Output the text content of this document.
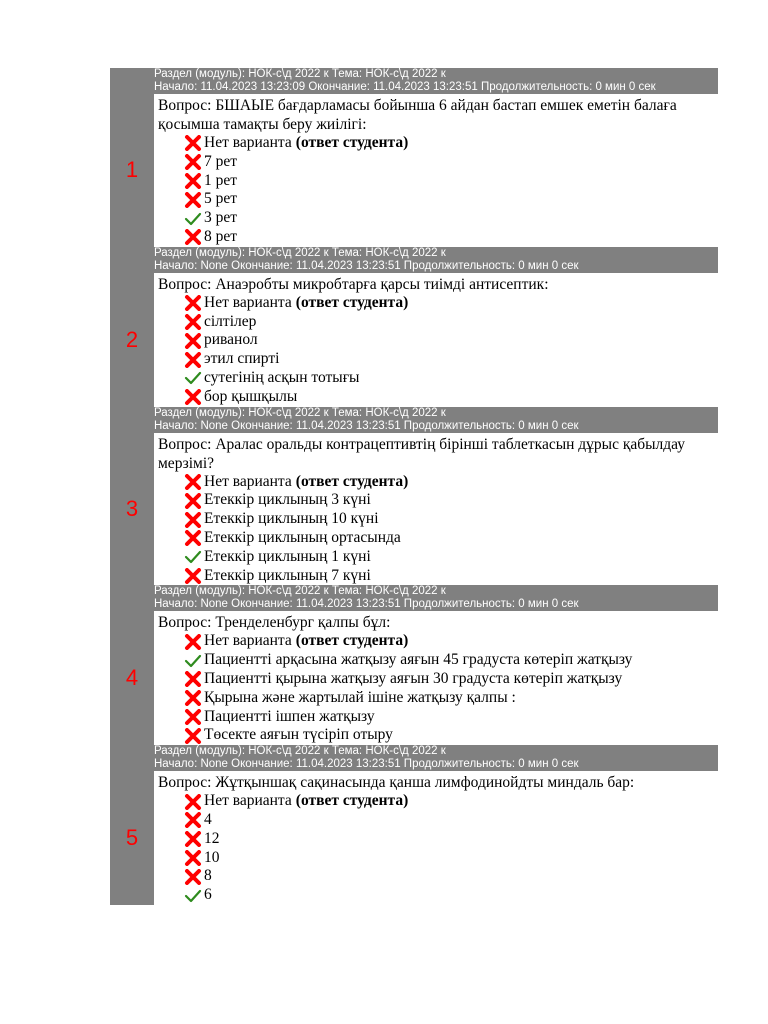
Раздел (модуль): НОК-с\д 2022 к Тема: НОК-с\д 2022 к
Начало: 11.04.2023 13:23:09 Окончание: 11.04.2023 13:23:51 Продолжительность: 0 мин 0 сек
1
Вопрос: БШАЫЕ бағдарламасы бойынша 6 айдан бастап емшек еметін балаға қосымша тамақты беру жиілігі:
Нет варианта (ответ студента)
7 рет
1 рет
5 рет
3 рет
8 рет
Раздел (модуль): НОК-с\д 2022 к Тема: НОК-с\д 2022 к
Начало: None Окончание: 11.04.2023 13:23:51 Продолжительность: 0 мин 0 сек
2
Вопрос: Анаэробты микробтарға қарсы тиімді антисептик:
Нет варианта (ответ студента)
сілтілер
риванол
этил спирті
сутегінің асқын тотығы
бор қышқылы
Раздел (модуль): НОК-с\д 2022 к Тема: НОК-с\д 2022 к
Начало: None Окончание: 11.04.2023 13:23:51 Продолжительность: 0 мин 0 сек
3
Вопрос: Аралас оральды контрацептивтің бірінші таблеткасын дұрыс қабылдау мерзімі?
Нет варианта (ответ студента)
Етеккір циклының 3 күні
Етеккір циклының 10 күні
Етеккір циклының ортасында
Етеккір циклының 1 күні
Етеккір циклының 7 күні
Раздел (модуль): НОК-с\д 2022 к Тема: НОК-с\д 2022 к
Начало: None Окончание: 11.04.2023 13:23:51 Продолжительность: 0 мин 0 сек
4
Вопрос: Тренделенбург қалпы бұл:
Нет варианта (ответ студента)
Пациентті арқасына жатқызу аяғын 45 градуста көтеріп жатқызу
Пациентті қырына жатқызу аяғын 30 градуста көтеріп жатқызу
Қырына және жартылай ішіне жатқызу қалпы :
Пациентті ішпен жатқызу
Төсекте аяғын түсіріп отыру
Раздел (модуль): НОК-с\д 2022 к Тема: НОК-с\д 2022 к
Начало: None Окончание: 11.04.2023 13:23:51 Продолжительность: 0 мин 0 сек
5
Вопрос: Жұтқыншақ сақинасында қанша лимфодинойдты миндаль бар:
Нет варианта (ответ студента)
4
12
10
8
6
